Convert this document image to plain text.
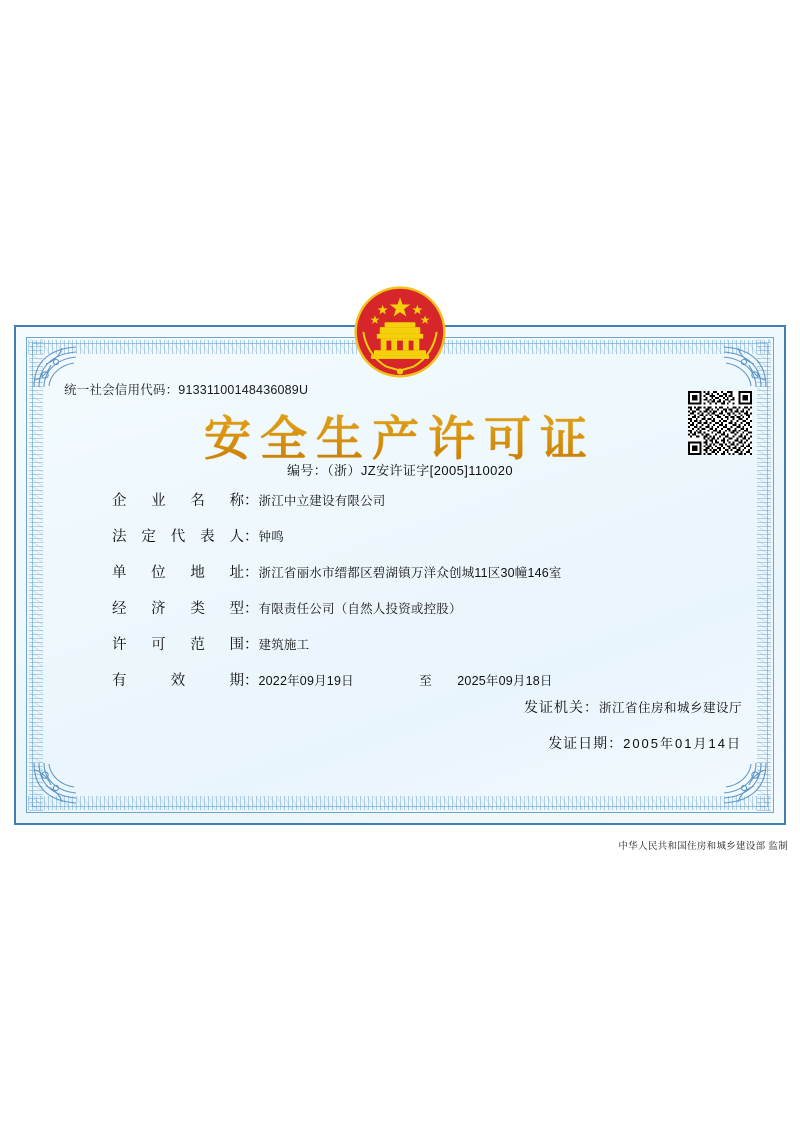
统一社会信用代码：91331100148436089U
安全生产许可证
编号：（浙）JZ安许证字[2005]110020
企 业 名 称 ： 浙江中立建设有限公司
法 定 代 表 人 ： 钟鸣
单 位 地 址 ： 浙江省丽水市缙都区碧湖镇万洋众创城11区30幢146室
经 济 类 型 ： 有限责任公司（自然人投资或控股）
许 可 范 围 ： 建筑施工
有	效	期 ： 2022年09月19日	至 2025年09月18日
发证机关：浙江省住房和城乡建设厅
发证日期：2005年01月14日
中华人民共和国住房和城乡建设部 监制
